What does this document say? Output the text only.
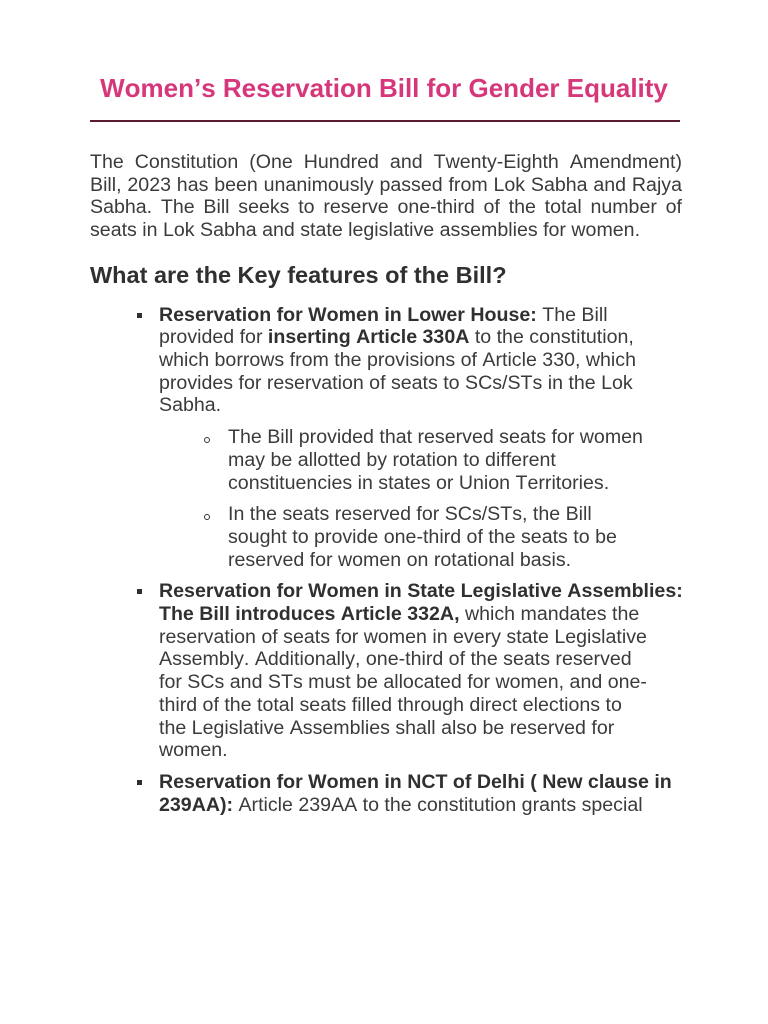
Women’s Reservation Bill for Gender Equality

The Constitution (One Hundred and Twenty-Eighth Amendment) Bill, 2023 has been unanimously passed from Lok Sabha and Rajya Sabha. The Bill seeks to reserve one-third of the total number of seats in Lok Sabha and state legislative assemblies for women.

What are the Key features of the Bill?
Reservation for Women in Lower House: The Bill
provided for inserting Article 330A to the constitution,
which borrows from the provisions of Article 330, which
provides for reservation of seats to SCs/STs in the Lok
Sabha.
The Bill provided that reserved seats for women
may be allotted by rotation to different
constituencies in states or Union Territories.
In the seats reserved for SCs/STs, the Bill
sought to provide one-third of the seats to be
reserved for women on rotational basis.
Reservation for Women in State Legislative Assemblies:
The Bill introduces Article 332A, which mandates the
reservation of seats for women in every state Legislative
Assembly. Additionally, one-third of the seats reserved
for SCs and STs must be allocated for women, and one-
third of the total seats filled through direct elections to
the Legislative Assemblies shall also be reserved for
women.
Reservation for Women in NCT of Delhi ( New clause in
239AA): Article 239AA to the constitution grants special
